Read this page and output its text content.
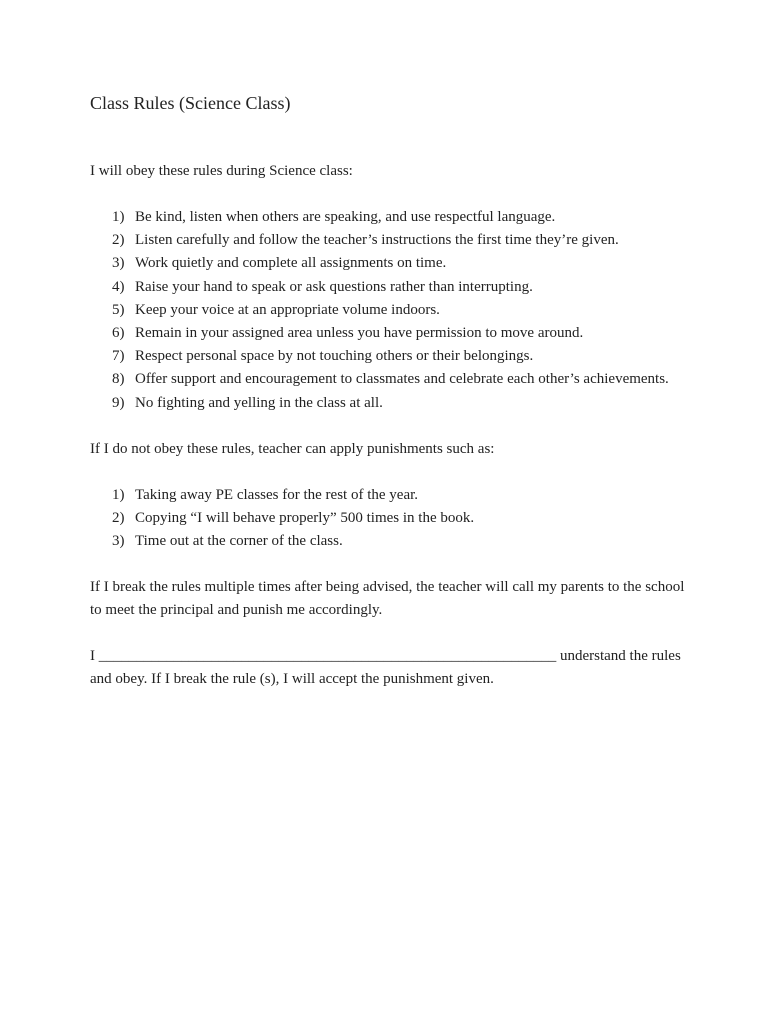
Class Rules (Science Class)

I will obey these rules during Science class:

1) Be kind, listen when others are speaking, and use respectful language.
2) Listen carefully and follow the teacher’s instructions the first time they’re given.
3) Work quietly and complete all assignments on time.
4) Raise your hand to speak or ask questions rather than interrupting.
5) Keep your voice at an appropriate volume indoors.
6) Remain in your assigned area unless you have permission to move around.
7) Respect personal space by not touching others or their belongings.
8) Offer support and encouragement to classmates and celebrate each other’s achievements.
9) No fighting and yelling in the class at all.

If I do not obey these rules, teacher can apply punishments such as:

1) Taking away PE classes for the rest of the year.
2) Copying “I will behave properly” 500 times in the book.
3) Time out at the corner of the class.

If I break the rules multiple times after being advised, the teacher will call my parents to the school to meet the principal and punish me accordingly.

I _____________________________________________________________ understand the rules and obey. If I break the rule (s), I will accept the punishment given.
